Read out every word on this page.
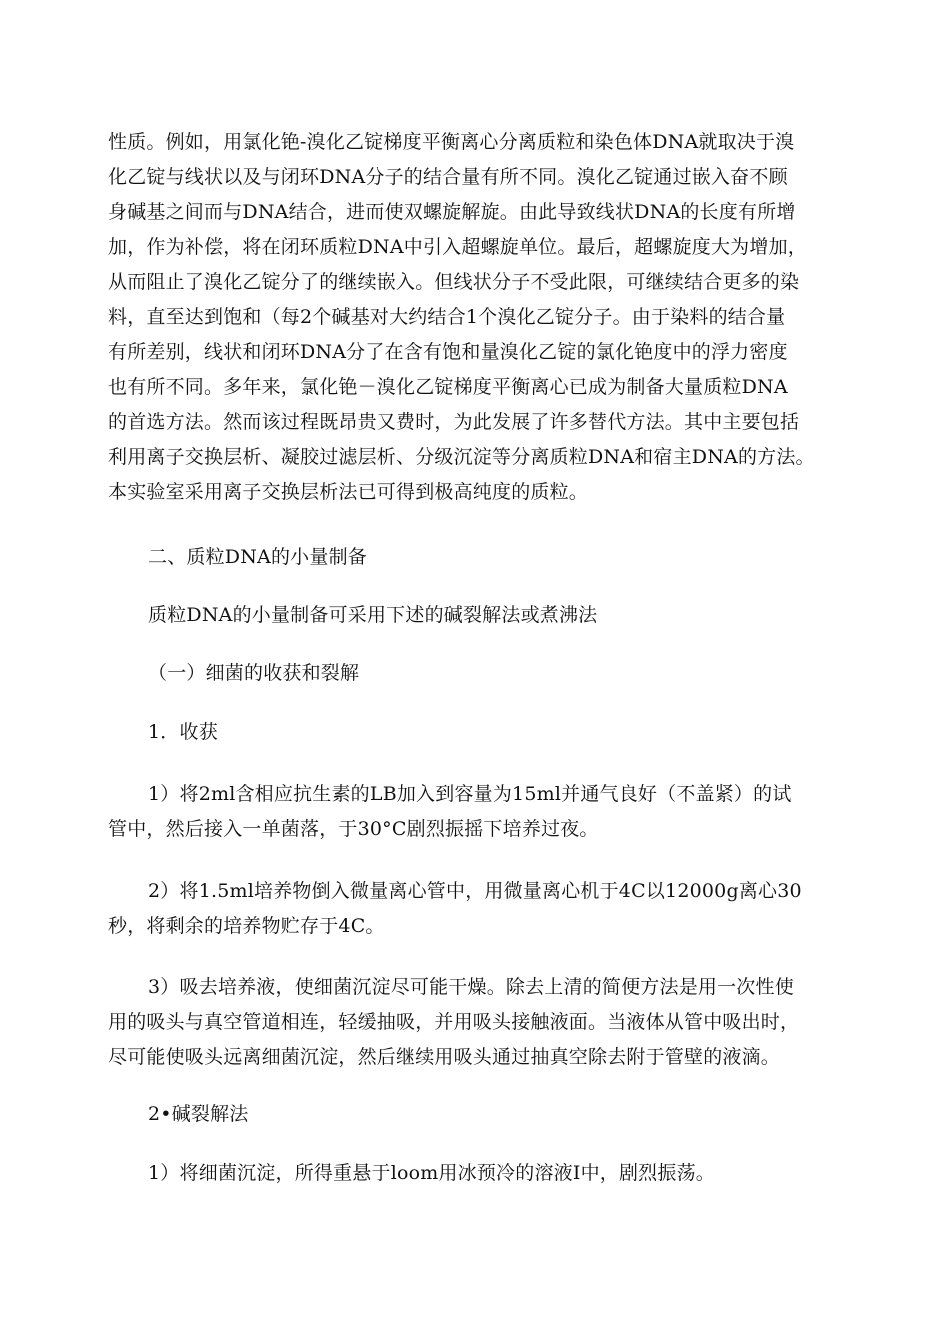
性质。例如，用氯化铯-溴化乙锭梯度平衡离心分离质粒和染色体DNA就取决于溴
化乙锭与线状以及与闭环DNA分子的结合量有所不同。溴化乙锭通过嵌入奋不顾
身碱基之间而与DNA结合，进而使双螺旋解旋。由此导致线状DNA的长度有所增
加，作为补偿，将在闭环质粒DNA中引入超螺旋单位。最后，超螺旋度大为增加，
从而阻止了溴化乙锭分了的继续嵌入。但线状分子不受此限，可继续结合更多的染
料，直至达到饱和（每2个碱基对大约结合1个溴化乙锭分子。由于染料的结合量
有所差别，线状和闭环DNA分了在含有饱和量溴化乙锭的氯化铯度中的浮力密度
也有所不同。多年来，氯化铯－溴化乙锭梯度平衡离心已成为制备大量质粒DNA
的首选方法。然而该过程既昂贵又费时，为此发展了许多替代方法。其中主要包括
利用离子交换层析、凝胶过滤层析、分级沉淀等分离质粒DNA和宿主DNA的方法。
本实验室采用离子交换层析法已可得到极高纯度的质粒。
二、质粒DNA的小量制备
质粒DNA的小量制备可采用下述的碱裂解法或煮沸法
（一）细菌的收获和裂解
1．收获
1）将2ml含相应抗生素的LB加入到容量为15ml并通气良好（不盖紧）的试
管中，然后接入一单菌落，于30°C剧烈振摇下培养过夜。
2）将1.5ml培养物倒入微量离心管中，用微量离心机于4C以12000g离心30
秒，将剩余的培养物贮存于4C。
3）吸去培养液，使细菌沉淀尽可能干燥。除去上清的简便方法是用一次性使
用的吸头与真空管道相连，轻缓抽吸，并用吸头接触液面。当液体从管中吸出时，
尽可能使吸头远离细菌沉淀，然后继续用吸头通过抽真空除去附于管壁的液滴。
2•碱裂解法
1）将细菌沉淀，所得重悬于loom用冰预冷的溶液I中，剧烈振荡。
